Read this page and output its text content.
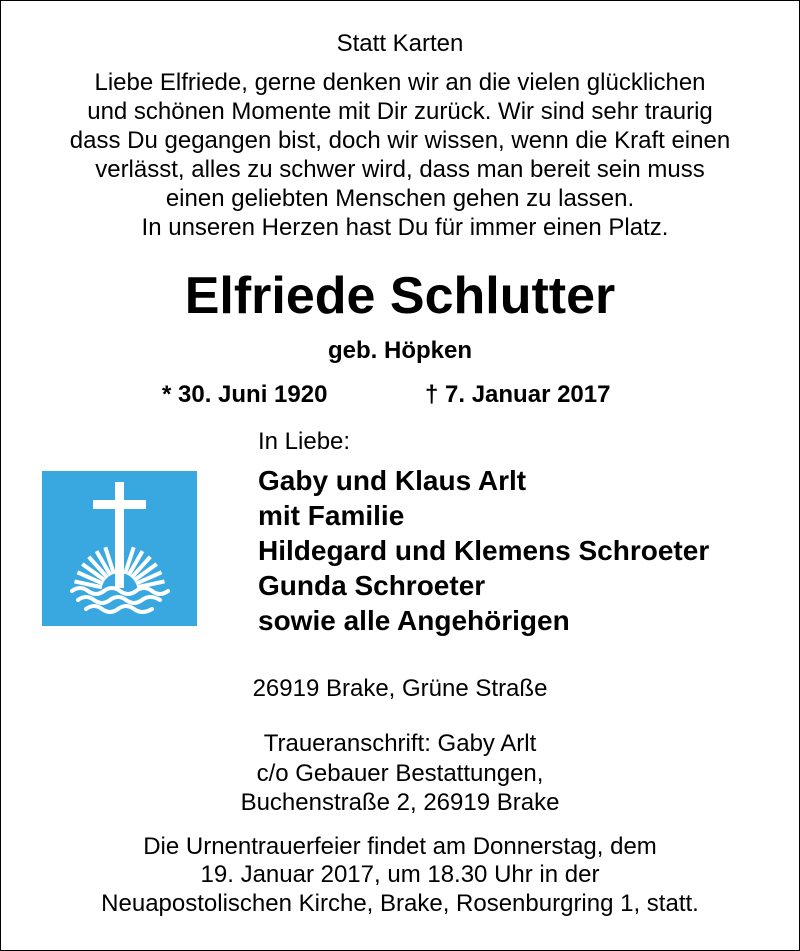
Statt Karten
Liebe Elfriede, gerne denken wir an die vielen glücklichen
und schönen Momente mit Dir zurück. Wir sind sehr traurig
dass Du gegangen bist, doch wir wissen, wenn die Kraft einen
verlässt, alles zu schwer wird, dass man bereit sein muss
einen geliebten Menschen gehen zu lassen.
In unseren Herzen hast Du für immer einen Platz.
Elfriede Schlutter
geb. Höpken
* 30. Juni 1920	† 7. Januar 2017
In Liebe:
Gaby und Klaus Arlt
mit Familie
Hildegard und Klemens Schroeter
Gunda Schroeter
sowie alle Angehörigen
26919 Brake, Grüne Straße
Traueranschrift: Gaby Arlt
c/o Gebauer Bestattungen,
Buchenstraße 2, 26919 Brake
Die Urnentrauerfeier findet am Donnerstag, dem
19. Januar 2017, um 18.30 Uhr in der
Neuapostolischen Kirche, Brake, Rosenburgring 1, statt.
